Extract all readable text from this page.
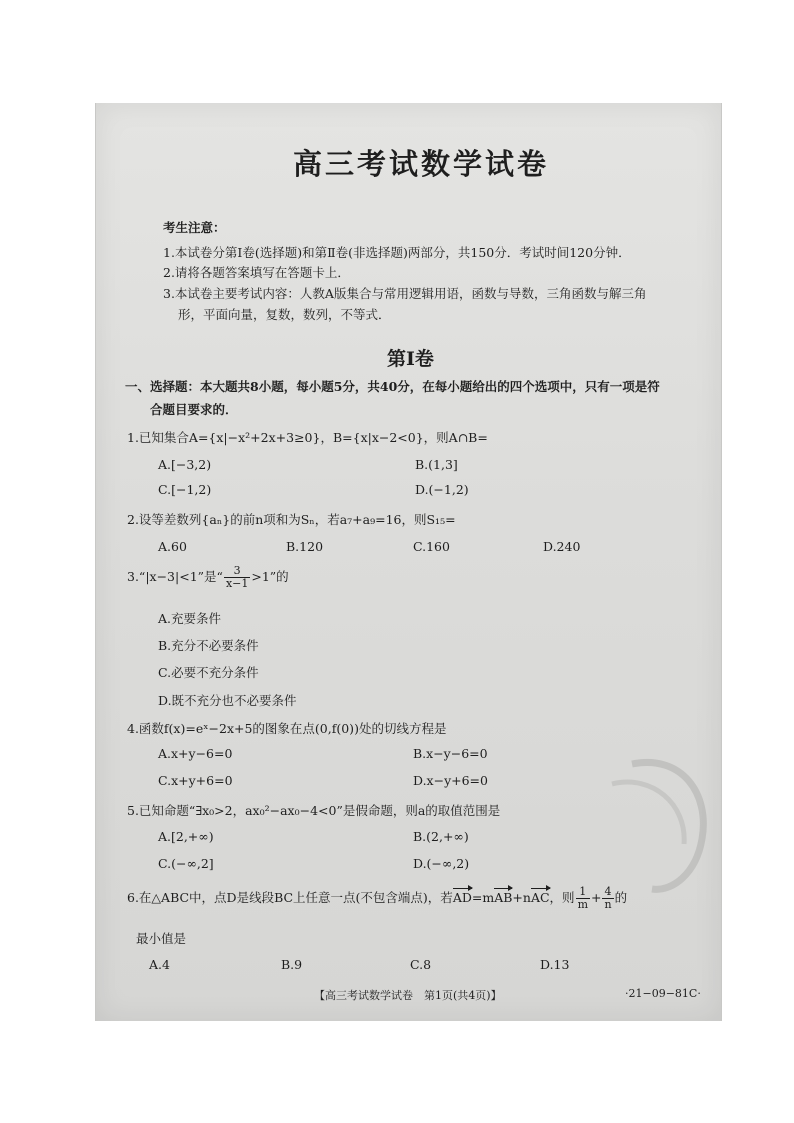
高三考试数学试卷
考生注意：
1.本试卷分第Ⅰ卷(选择题)和第Ⅱ卷(非选择题)两部分，共150分．考试时间120分钟．
2.请将各题答案填写在答题卡上．
3.本试卷主要考试内容：人教A版集合与常用逻辑用语，函数与导数，三角函数与解三角
形，平面向量，复数，数列，不等式．
第Ⅰ卷
一、选择题：本大题共8小题，每小题5分，共40分，在每小题给出的四个选项中，只有一项是符
合题目要求的．
1.已知集合A={x|−x²+2x+3≥0}，B={x|x−2<0}，则A∩B=
A.[−3,2)	B.(1,3]
C.[−1,2)	D.(−1,2)
2.设等差数列{aₙ}的前n项和为Sₙ，若a₇+a₉=16，则S₁₅=
A.60	B.120	C.160	D.240
3.“|x−3|<1”是“ $\frac{3}{x-1} >1$”的
A.充要条件
B.充分不必要条件
C.必要不充分条件
D.既不充分也不必要条件
4.函数f(x)=eˣ−2x+5的图象在点(0,f(0))处的切线方程是
A.x+y−6=0	B.x−y−6=0
C.x+y+6=0	D.x−y+6=0
5.已知命题“∃x₀>2，ax₀²−ax₀−4<0”是假命题，则a的取值范围是
A.[2,+∞)	B.(2,+∞)
C.(−∞,2]	D.(−∞,2)
6.在△ABC中，点D是线段BC上任意一点(不包含端点)，若AD=mAB+nAC，则 $\frac{1}{m} + \frac{4}{n}$ 的
最小值是
A.4	B.9	C.8	D.13
【高三考试数学试卷　第1页(共4页)】	·21−09−81C·
